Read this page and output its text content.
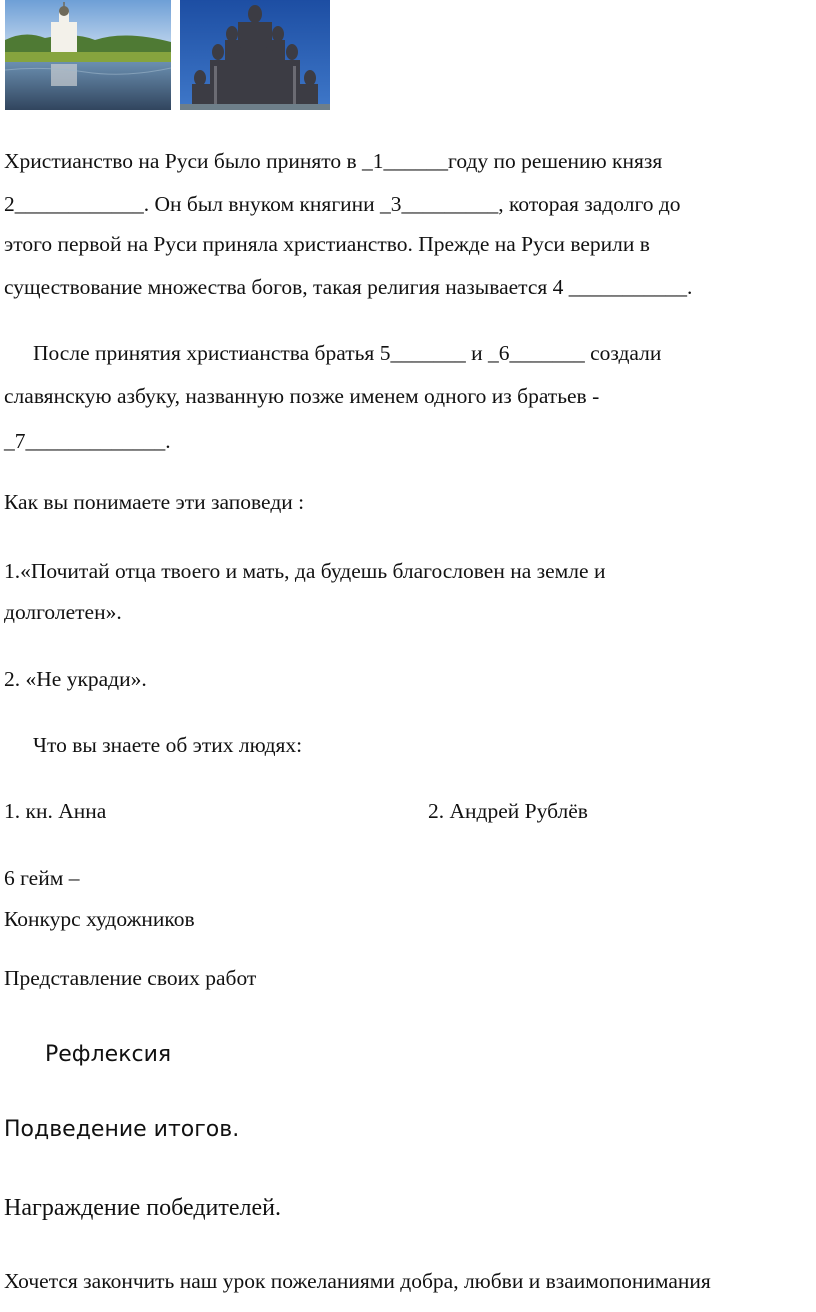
Христианство на Руси было принято в _1______году по решению князя
2____________. Он был внуком княгини _3_________, которая задолго до
этого первой на Руси приняла христианство. Прежде на Руси верили в
существование множества богов, такая религия называется 4 ___________.
После принятия христианства братья 5_______ и _6_______ создали
славянскую азбуку, названную позже именем одного из братьев -
_7_____________.
Как вы понимаете эти заповеди :
1.«Почитай отца твоего и мать, да будешь благословен на земле и
долголетен».
2. «Не укради».
Что вы знаете об этих людях:
1. кн. Анна	2. Андрей Рублёв
6 гейм –
Конкурс художников
Представление своих работ
Рефлексия
Подведение итогов.
Награждение победителей.
Хочется закончить наш урок пожеланиями добра, любви и взаимопонимания
